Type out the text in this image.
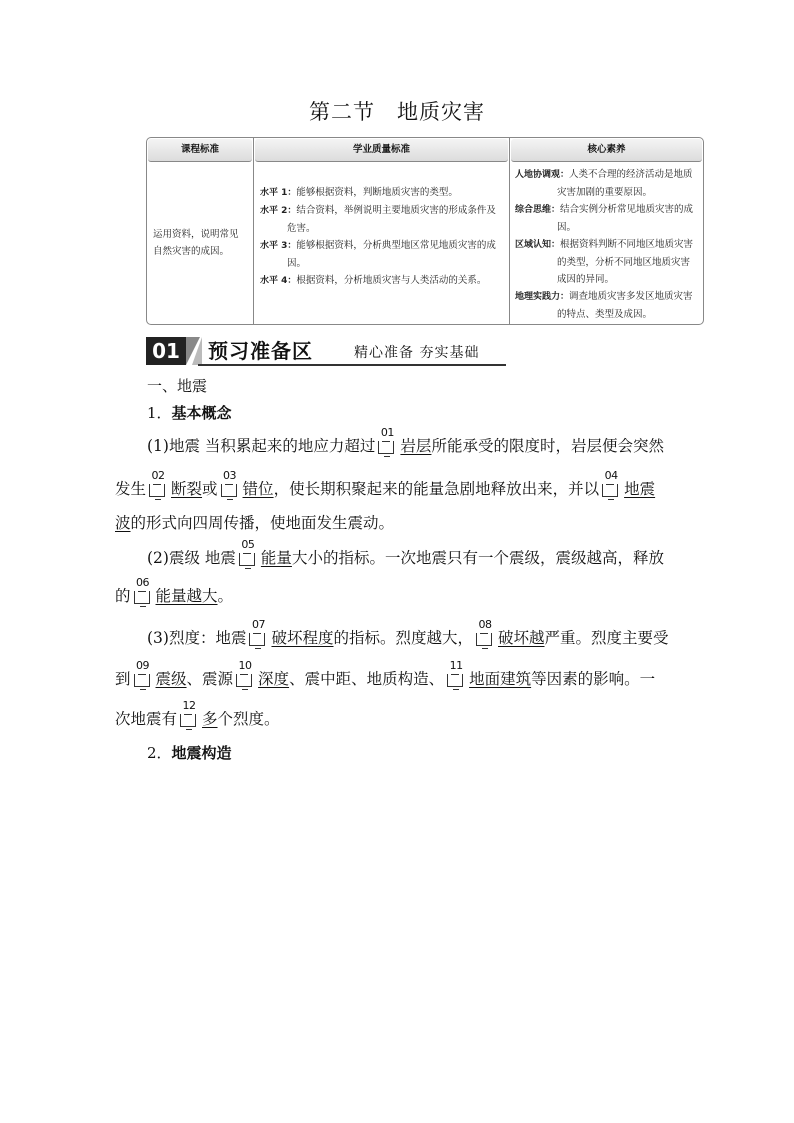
第二节 地质灾害
课程标准
运用资料，说明常见自然灾害的成因。
学业质量标准
水平 1：能够根据资料，判断地质灾害的类型。
水平 2：结合资料，举例说明主要地质灾害的形成条件及危害。
水平 3：能够根据资料，分析典型地区常见地质灾害的成因。
水平 4：根据资料，分析地质灾害与人类活动的关系。
核心素养
人地协调观：人类不合理的经济活动是地质灾害加剧的重要原因。
综合思维：结合实例分析常见地质灾害的成因。
区域认知：根据资料判断不同地区地质灾害的类型，分析不同地区地质灾害成因的异同。
地理实践力：调查地质灾害多发区地质灾害的特点、类型及成因。
01	预习准备区	精心准备 夯实基础
一、地震
1．基本概念
(1)地震 当积累起来的地应力超过
01
岩层所能承受的限度时，岩层便会突然
发生
02
断裂或
03
错位，使长期积聚起来的能量急剧地释放出来，并以
04
地震
波的形式向四周传播，使地面发生震动。
(2)震级 地震
05
能量大小的指标。一次地震只有一个震级，震级越高，释放
的
06
能量越大。
(3)烈度：地震
07
破坏程度的指标。烈度越大，
08
破坏越严重。烈度主要受
到
09
震级、震源
10
深度、震中距、地质构造、
11
地面建筑等因素的影响。一
次地震有
12
多个烈度。
2．地震构造
